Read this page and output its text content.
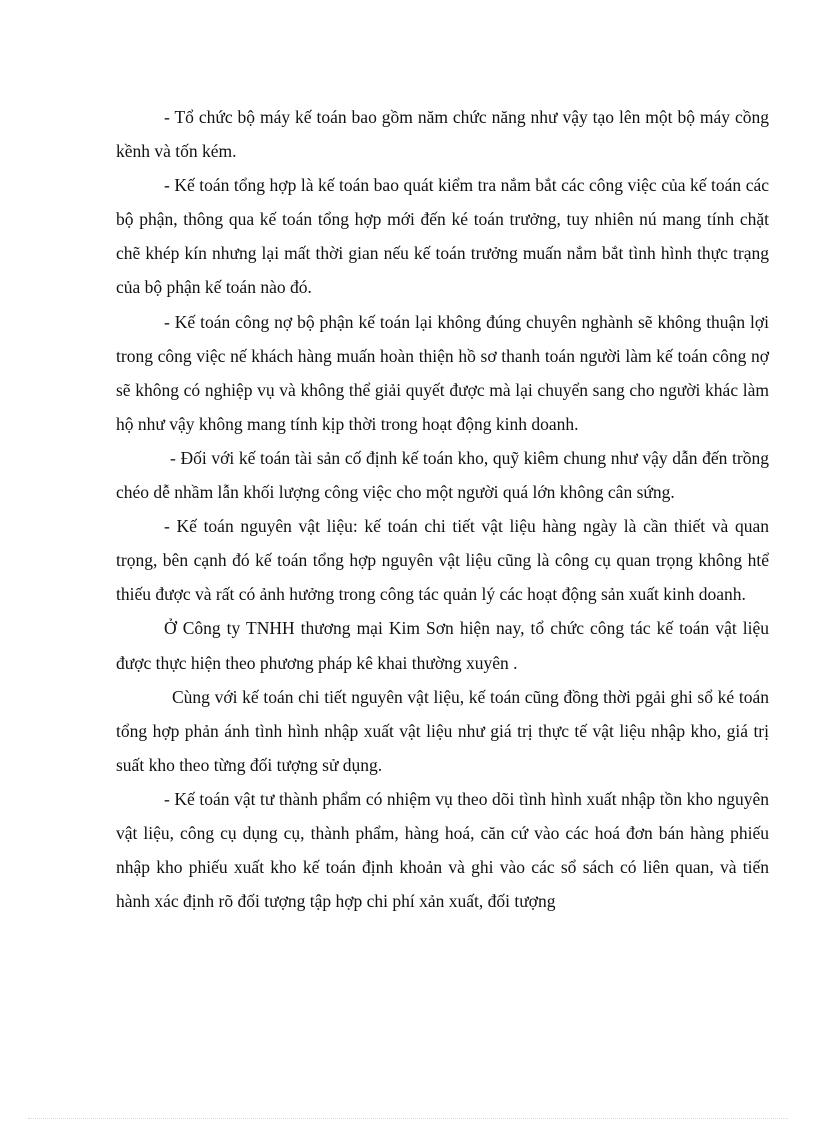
- Tổ chức bộ máy kế toán bao gồm năm chức năng như vậy tạo lên một bộ máy cồng kềnh và tốn kém.

- Kế toán tổng hợp là kế toán bao quát kiểm tra nắm bắt các công việc của kế toán các bộ phận, thông qua kế toán tổng hợp mới đến ké toán trưởng, tuy nhiên nú mang tính chặt chẽ khép kín nhưng lại mất thời gian nếu kế toán trưởng muấn nắm bắt tình hình thực trạng của bộ phận kế toán nào đó.

- Kế toán công nợ bộ phận kế toán lại không đúng chuyên nghành sẽ không thuận lợi trong công việc nế khách hàng muấn hoàn thiện hồ sơ thanh toán người làm kế toán công nợ sẽ không có nghiệp vụ và không thể giải quyết được mà lại chuyển sang cho người khác làm hộ như vậy không mang tính kịp thời trong hoạt động kinh doanh.

- Đối với kế toán tài sản cố định kế toán kho, quỹ kiêm chung như vậy dẫn đến trồng chéo dễ nhầm lẫn khối lượng công việc cho một người quá lớn không cân sứng.

- Kế toán nguyên vật liệu: kế toán chi tiết vật liệu hàng ngày là cần thiết và quan trọng, bên cạnh đó kế toán tổng hợp nguyên vật liệu cũng là công cụ quan trọng không htể thiếu được và rất có ảnh hưởng trong công tác quản lý các hoạt động sản xuất kinh doanh.

Ở Công ty TNHH thương mại Kim Sơn hiện nay, tổ chức công tác kế toán vật liệu được thực hiện theo phương pháp kê khai thường xuyên .

Cùng với kế toán chi tiết nguyên vật liệu, kế toán cũng đồng thời pgải ghi sổ ké toán tổng hợp phản ánh tình hình nhập xuất vật liệu như giá trị thực tế vật liệu nhập kho, giá trị suất kho theo từng đối tượng sử dụng.

- Kế toán vật tư thành phẩm có nhiệm vụ theo dõi tình hình xuất nhập tồn kho nguyên vật liệu, công cụ dụng cụ, thành phẩm, hàng hoá, căn cứ vào các hoá đơn bán hàng phiếu nhập kho phiếu xuất kho kế toán định khoản và ghi vào các sổ sách có liên quan, và tiến hành xác định rõ đối tượng tập hợp chi phí xản xuất, đối tượng
